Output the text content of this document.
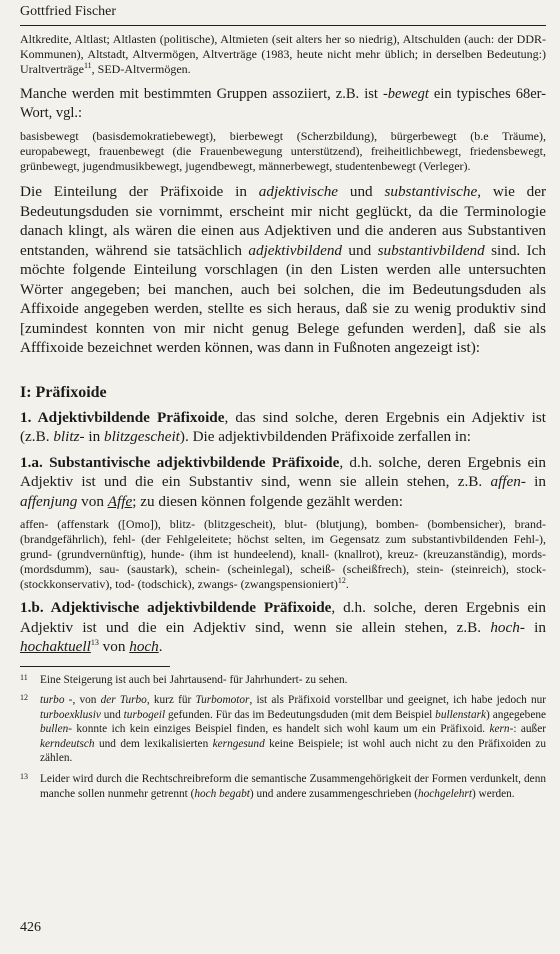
Gottfried Fischer

Altkredite, Altlast; Altlasten (politische), Altmieten (seit alters her so niedrig), Altschulden (auch: der DDR-Kommunen), Altstadt, Altvermögen, Altverträge (1983, heute nicht mehr üblich; in derselben Bedeutung:) Uraltverträge$^{11}$, SED-Altvermögen.

Manche werden mit bestimmten Gruppen assoziiert, z.B. ist -bewegt ein typisches 68er-Wort, vgl.:

basisbewegt (basisdemokratiebewegt), bierbewegt (Scherzbildung), bürgerbewegt (b.e Träume), europabewegt, frauenbewegt (die Frauenbewegung unterstützend), freiheitlichbewegt, friedensbewegt, grünbewegt, jugendmusikbewegt, jugendbewegt, männerbewegt, studentenbewegt (Verleger).

Die Einteilung der Präfixoide in adjektivische und substantivische, wie der Bedeutungsduden sie vornimmt, erscheint mir nicht geglückt, da die Terminologie danach klingt, als wären die einen aus Adjektiven und die anderen aus Substantiven entstanden, während sie tatsächlich adjektivbildend und substantivbildend sind. Ich möchte folgende Einteilung vorschlagen (in den Listen werden alle untersuchten Wörter angegeben; bei manchen, auch bei solchen, die im Bedeutungsduden als Affixoide angegeben werden, stellte es sich heraus, daß sie zu wenig produktiv sind [zumindest konnten von mir nicht genug Belege gefunden werden], daß sie als Afffixoide bezeichnet werden können, was dann in Fußnoten angezeigt ist):

I: Präfixoide

1. Adjektivbildende Präfixoide, das sind solche, deren Ergebnis ein Adjektiv ist (z.B. blitz- in blitzgescheit). Die adjektivbildenden Präfixoide zerfallen in:

1.a. Substantivische adjektivbildende Präfixoide, d.h. solche, deren Ergebnis ein Adjektiv ist und die ein Substantiv sind, wenn sie allein stehen, z.B. affen- in affenjung von Affe; zu diesen können folgende gezählt werden:

affen- (affenstark ([Omo]), blitz- (blitzgescheit), blut- (blutjung), bomben- (bombensicher), brand- (brandgefährlich), fehl- (der Fehlgeleitete; höchst selten, im Gegensatz zum substantivbildenden Fehl-), grund- (grundvernünftig), hunde- (ihm ist hundeelend), knall- (knallrot), kreuz- (kreuzanständig), mords- (mordsdumm), sau- (saustark), schein- (scheinlegal), scheiß- (scheißfrech), stein- (steinreich), stock- (stockkonservativ), tod- (todschick), zwangs- (zwangspensioniert)$^{12}$.

1.b. Adjektivische adjektivbildende Präfixoide, d.h. solche, deren Ergebnis ein Adjektiv ist und die ein Adjektiv sind, wenn sie allein stehen, z.B. hoch- in hochaktuell$^{13}$ von hoch.

11 Eine Steigerung ist auch bei Jahrtausend- für Jahrhundert- zu sehen.
12 turbo -, von der Turbo, kurz für Turbomotor, ist als Präfixoid vorstellbar und geeignet, ich habe jedoch nur turboexklusiv und turbogeil gefunden. Für das im Bedeutungsduden (mit dem Beispiel bullenstark) angegebene bullen- konnte ich kein einziges Beispiel finden, es handelt sich wohl kaum um ein Präfixoid. kern-: außer kerndeutsch und dem lexikalisierten kerngesund keine Beispiele; ist wohl auch nicht zu den Präfixoiden zu zählen.
13 Leider wird durch die Rechtschreibreform die semantische Zusammengehörigkeit der Formen verdunkelt, denn manche sollen nunmehr getrennt (hoch begabt) und andere zusammengeschrieben (hochgelehrt) werden.
426
